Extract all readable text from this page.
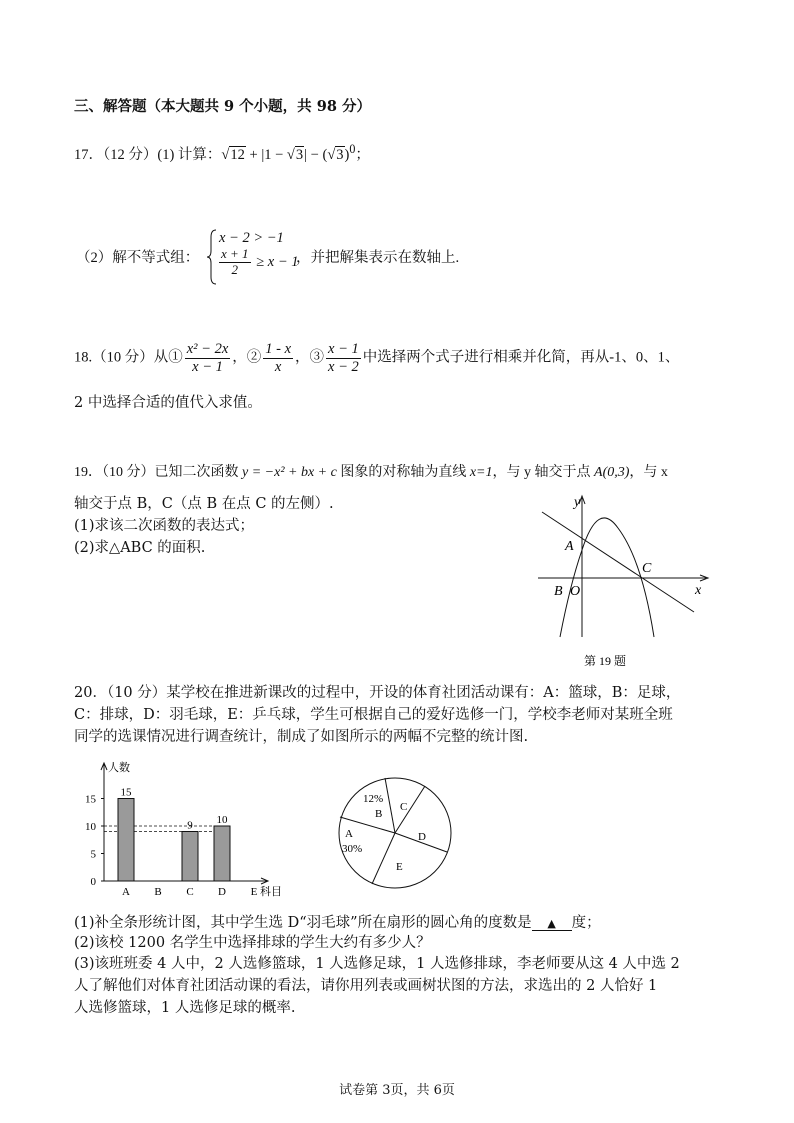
三、解答题（本大题共 9 个小题，共 98 分）
17．（12 分）(1) 计算：$√12 + |1 - √3| - (√3)^0$；
（2）解不等式组：
x − 2 > −1
$\frac{x + 1}{2} \ge x - 1$
，并把解集表示在数轴上.
18.（10 分）从① $\frac{\text{x² − 2x}}{x - 1}$ ，② $\frac{1 - x}{x}$ ，③ $\frac{x - 1}{x - 2}$ 中选择两个式子进行相乘并化简，再从-1、0、1、
2 中选择合适的值代入求值。
19．（10 分）已知二次函数 y = −x² + bx + c 图象的对称轴为直线 x=1，与 y 轴交于点 A(0,3)，与 x
轴交于点 B，C（点 B 在点 C 的左侧）.
(1)求该二次函数的表达式；
(2)求△ABC 的面积.
y
x
A
B O
C
第 19 题
20．（10 分）某学校在推进新课改的过程中，开设的体育社团活动课有：A：篮球，B：足球，
C：排球，D：羽毛球，E：乒乓球，学生可根据自己的爱好选修一门，学校李老师对某班全班
同学的选课情况进行调查统计，制成了如图所示的两幅不完整的统计图.
人数
科目
0
5
10
15
A
15
B C
9
D
10
E
12%
B
C
D
E
A
30%
(1)补全条形统计图，其中学生选 D“羽毛球”所在扇形的圆心角的度数是 ▲ 度；
(2)该校 1200 名学生中选择排球的学生大约有多少人？
(3)该班班委 4 人中，2 人选修篮球，1 人选修足球，1 人选修排球，李老师要从这 4 人中选 2
人了解他们对体育社团活动课的看法，请你用列表或画树状图的方法，求选出的 2 人恰好 1
人选修篮球，1 人选修足球的概率.
试卷第 3页，共 6页
